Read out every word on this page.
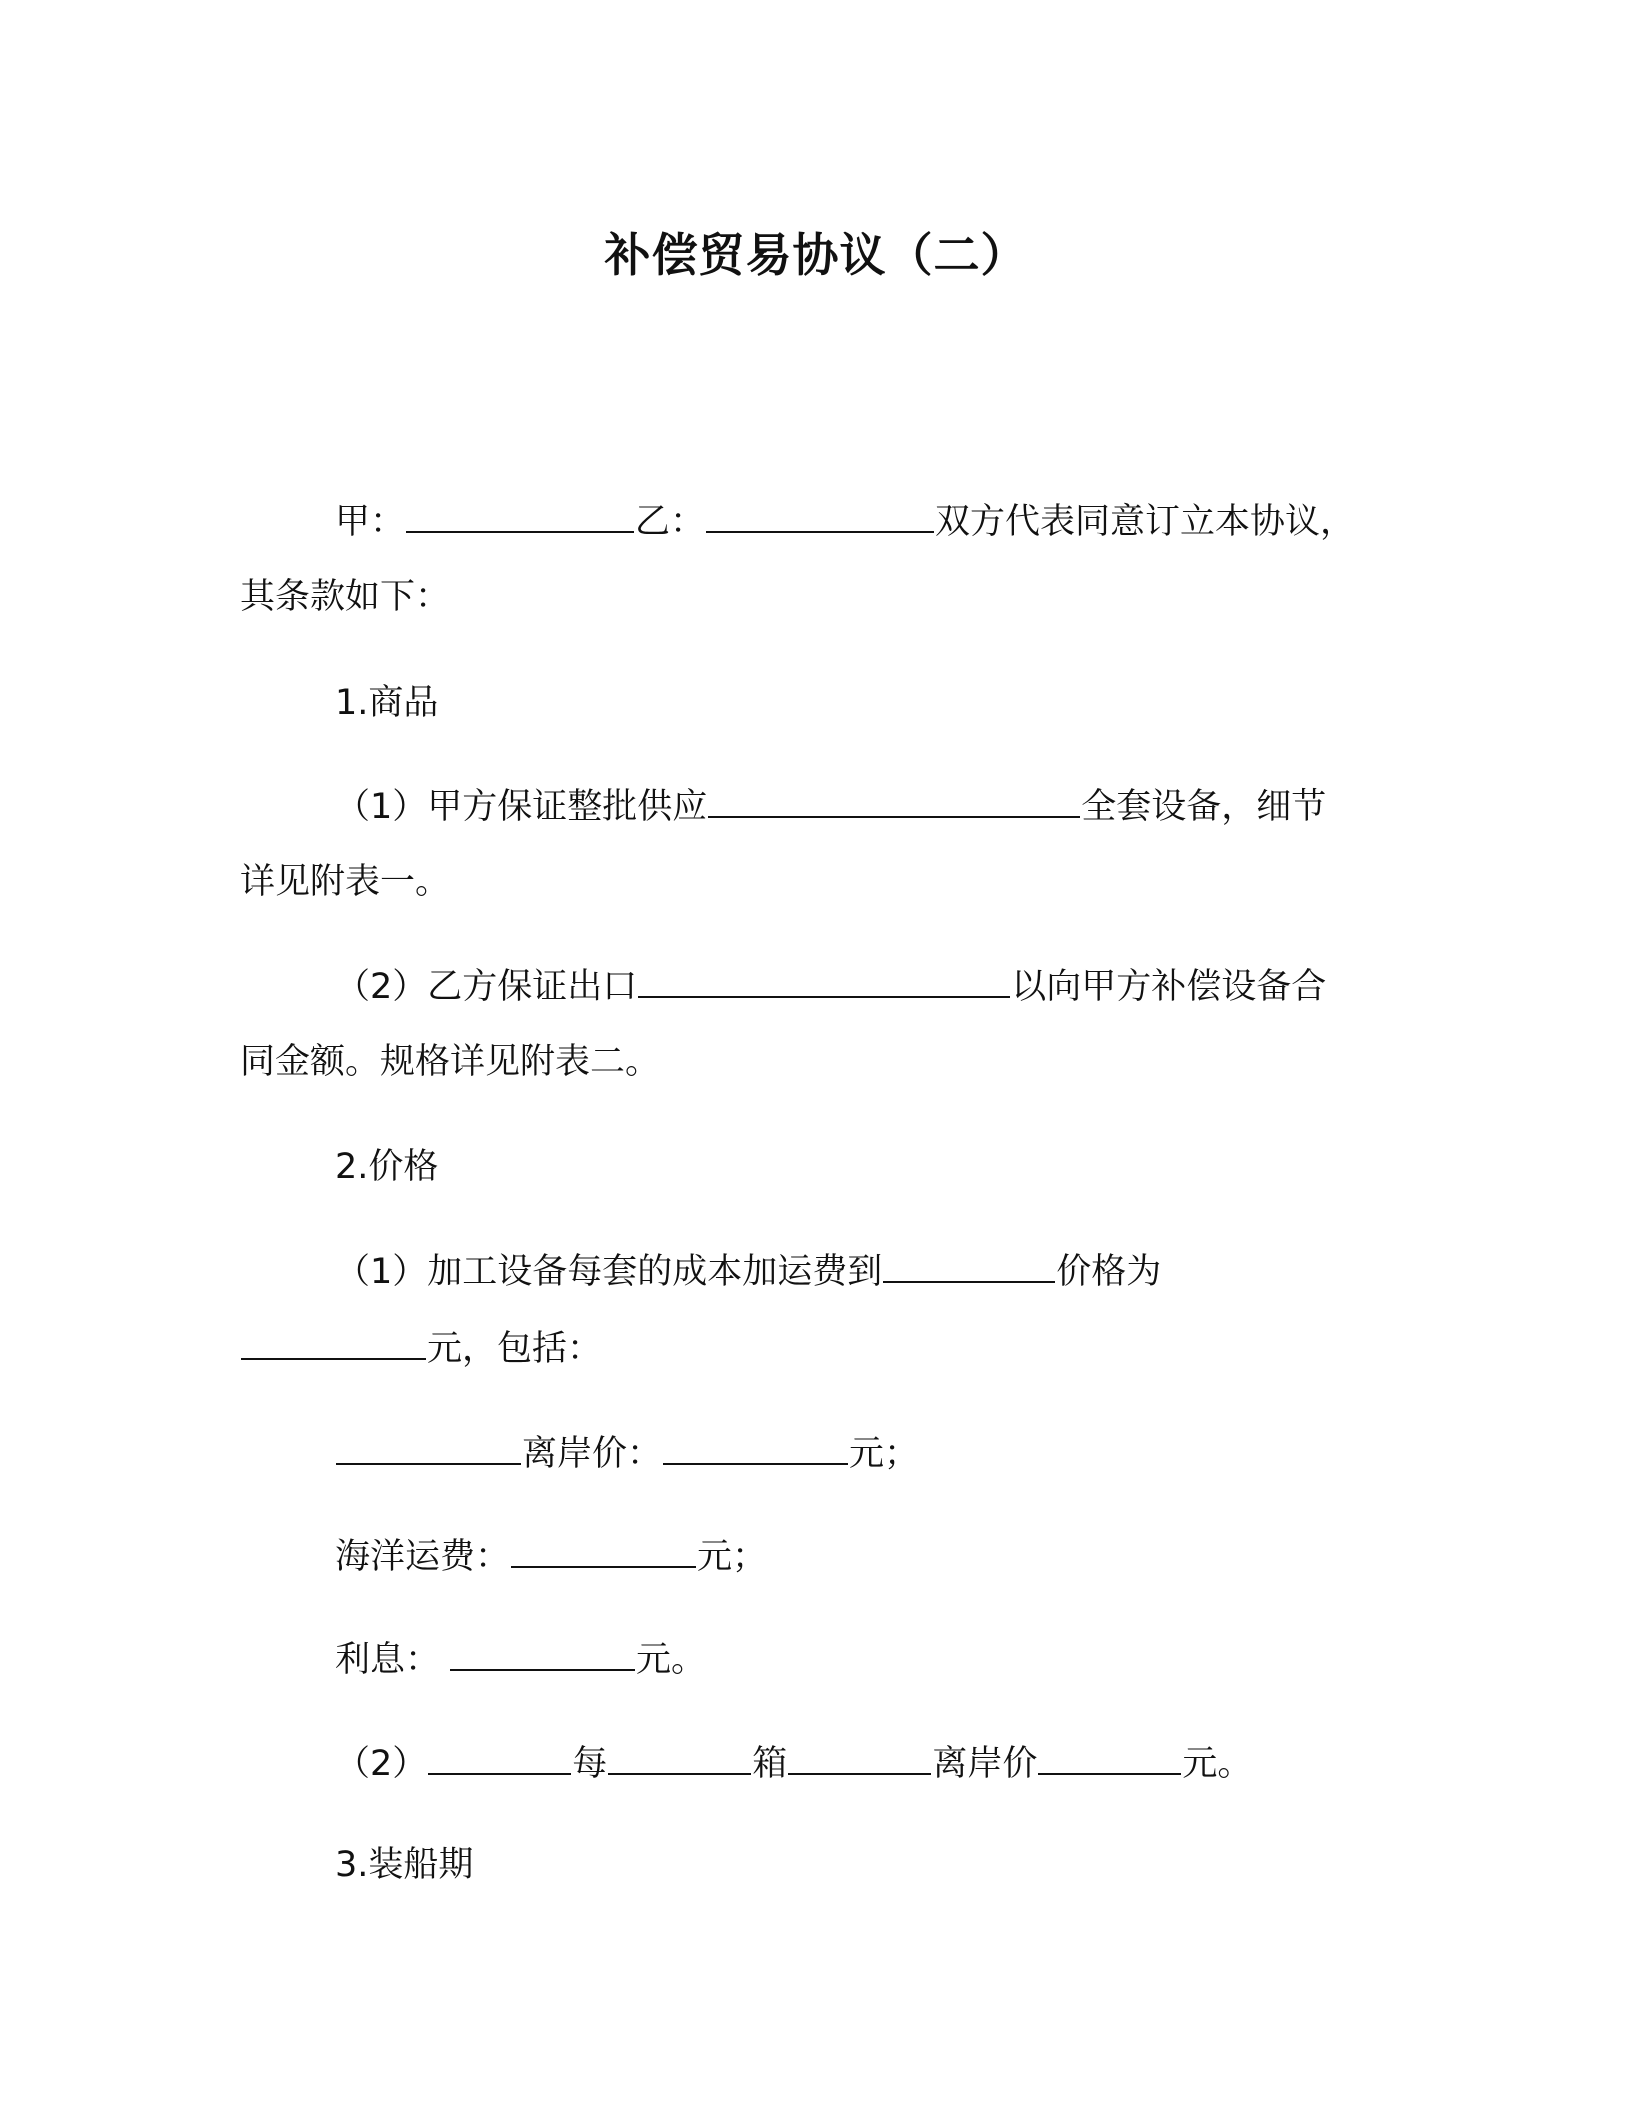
补偿贸易协议（二）
甲：	乙：	双方代表同意订立本协议，
其条款如下：
1.商品
（1）甲方保证整批供应	全套设备，细节
详见附表一。
（2）乙方保证出口	以向甲方补偿设备合
同金额。规格详见附表二。
2.价格
（1）加工设备每套的成本加运费到	价格为
元，包括：
离岸价：	元；
海洋运费：	元；
利息：	元。
（2）	每	箱	离岸价	元。
3.装船期
